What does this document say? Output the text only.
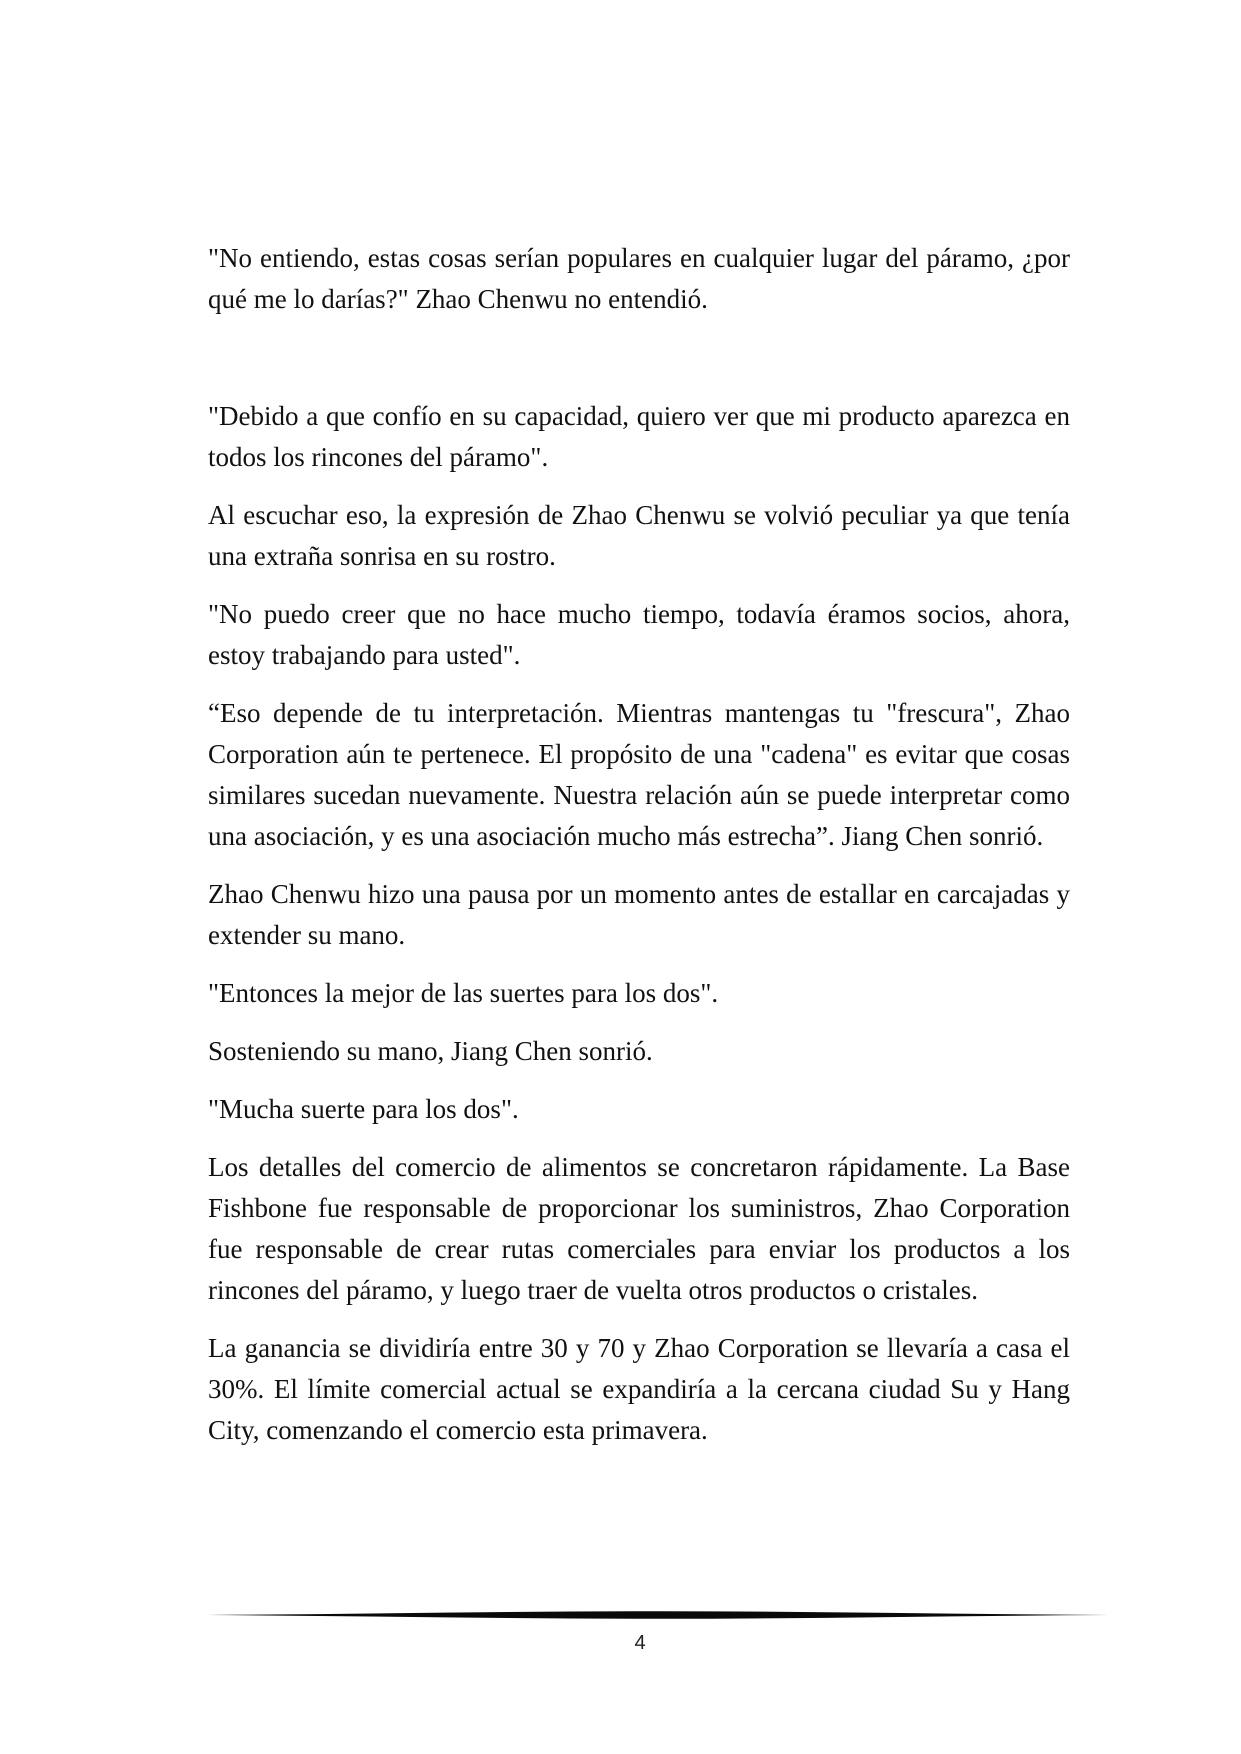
"No entiendo, estas cosas serían populares en cualquier lugar del páramo, ¿por qué me lo darías?" Zhao Chenwu no entendió.

"Debido a que confío en su capacidad, quiero ver que mi producto aparezca en todos los rincones del páramo".

Al escuchar eso, la expresión de Zhao Chenwu se volvió peculiar ya que tenía una extraña sonrisa en su rostro.

"No puedo creer que no hace mucho tiempo, todavía éramos socios, ahora, estoy trabajando para usted".

“Eso depende de tu interpretación. Mientras mantengas tu "frescura", Zhao Corporation aún te pertenece. El propósito de una "cadena" es evitar que cosas similares sucedan nuevamente. Nuestra relación aún se puede interpretar como una asociación, y es una asociación mucho más estrecha”. Jiang Chen sonrió.

Zhao Chenwu hizo una pausa por un momento antes de estallar en carcajadas y extender su mano.

"Entonces la mejor de las suertes para los dos".

Sosteniendo su mano, Jiang Chen sonrió.

"Mucha suerte para los dos".

Los detalles del comercio de alimentos se concretaron rápidamente. La Base Fishbone fue responsable de proporcionar los suministros, Zhao Corporation fue responsable de crear rutas comerciales para enviar los productos a los rincones del páramo, y luego traer de vuelta otros productos o cristales.

La ganancia se dividiría entre 30 y 70 y Zhao Corporation se llevaría a casa el 30%. El límite comercial actual se expandiría a la cercana ciudad Su y Hang City, comenzando el comercio esta primavera.

4
